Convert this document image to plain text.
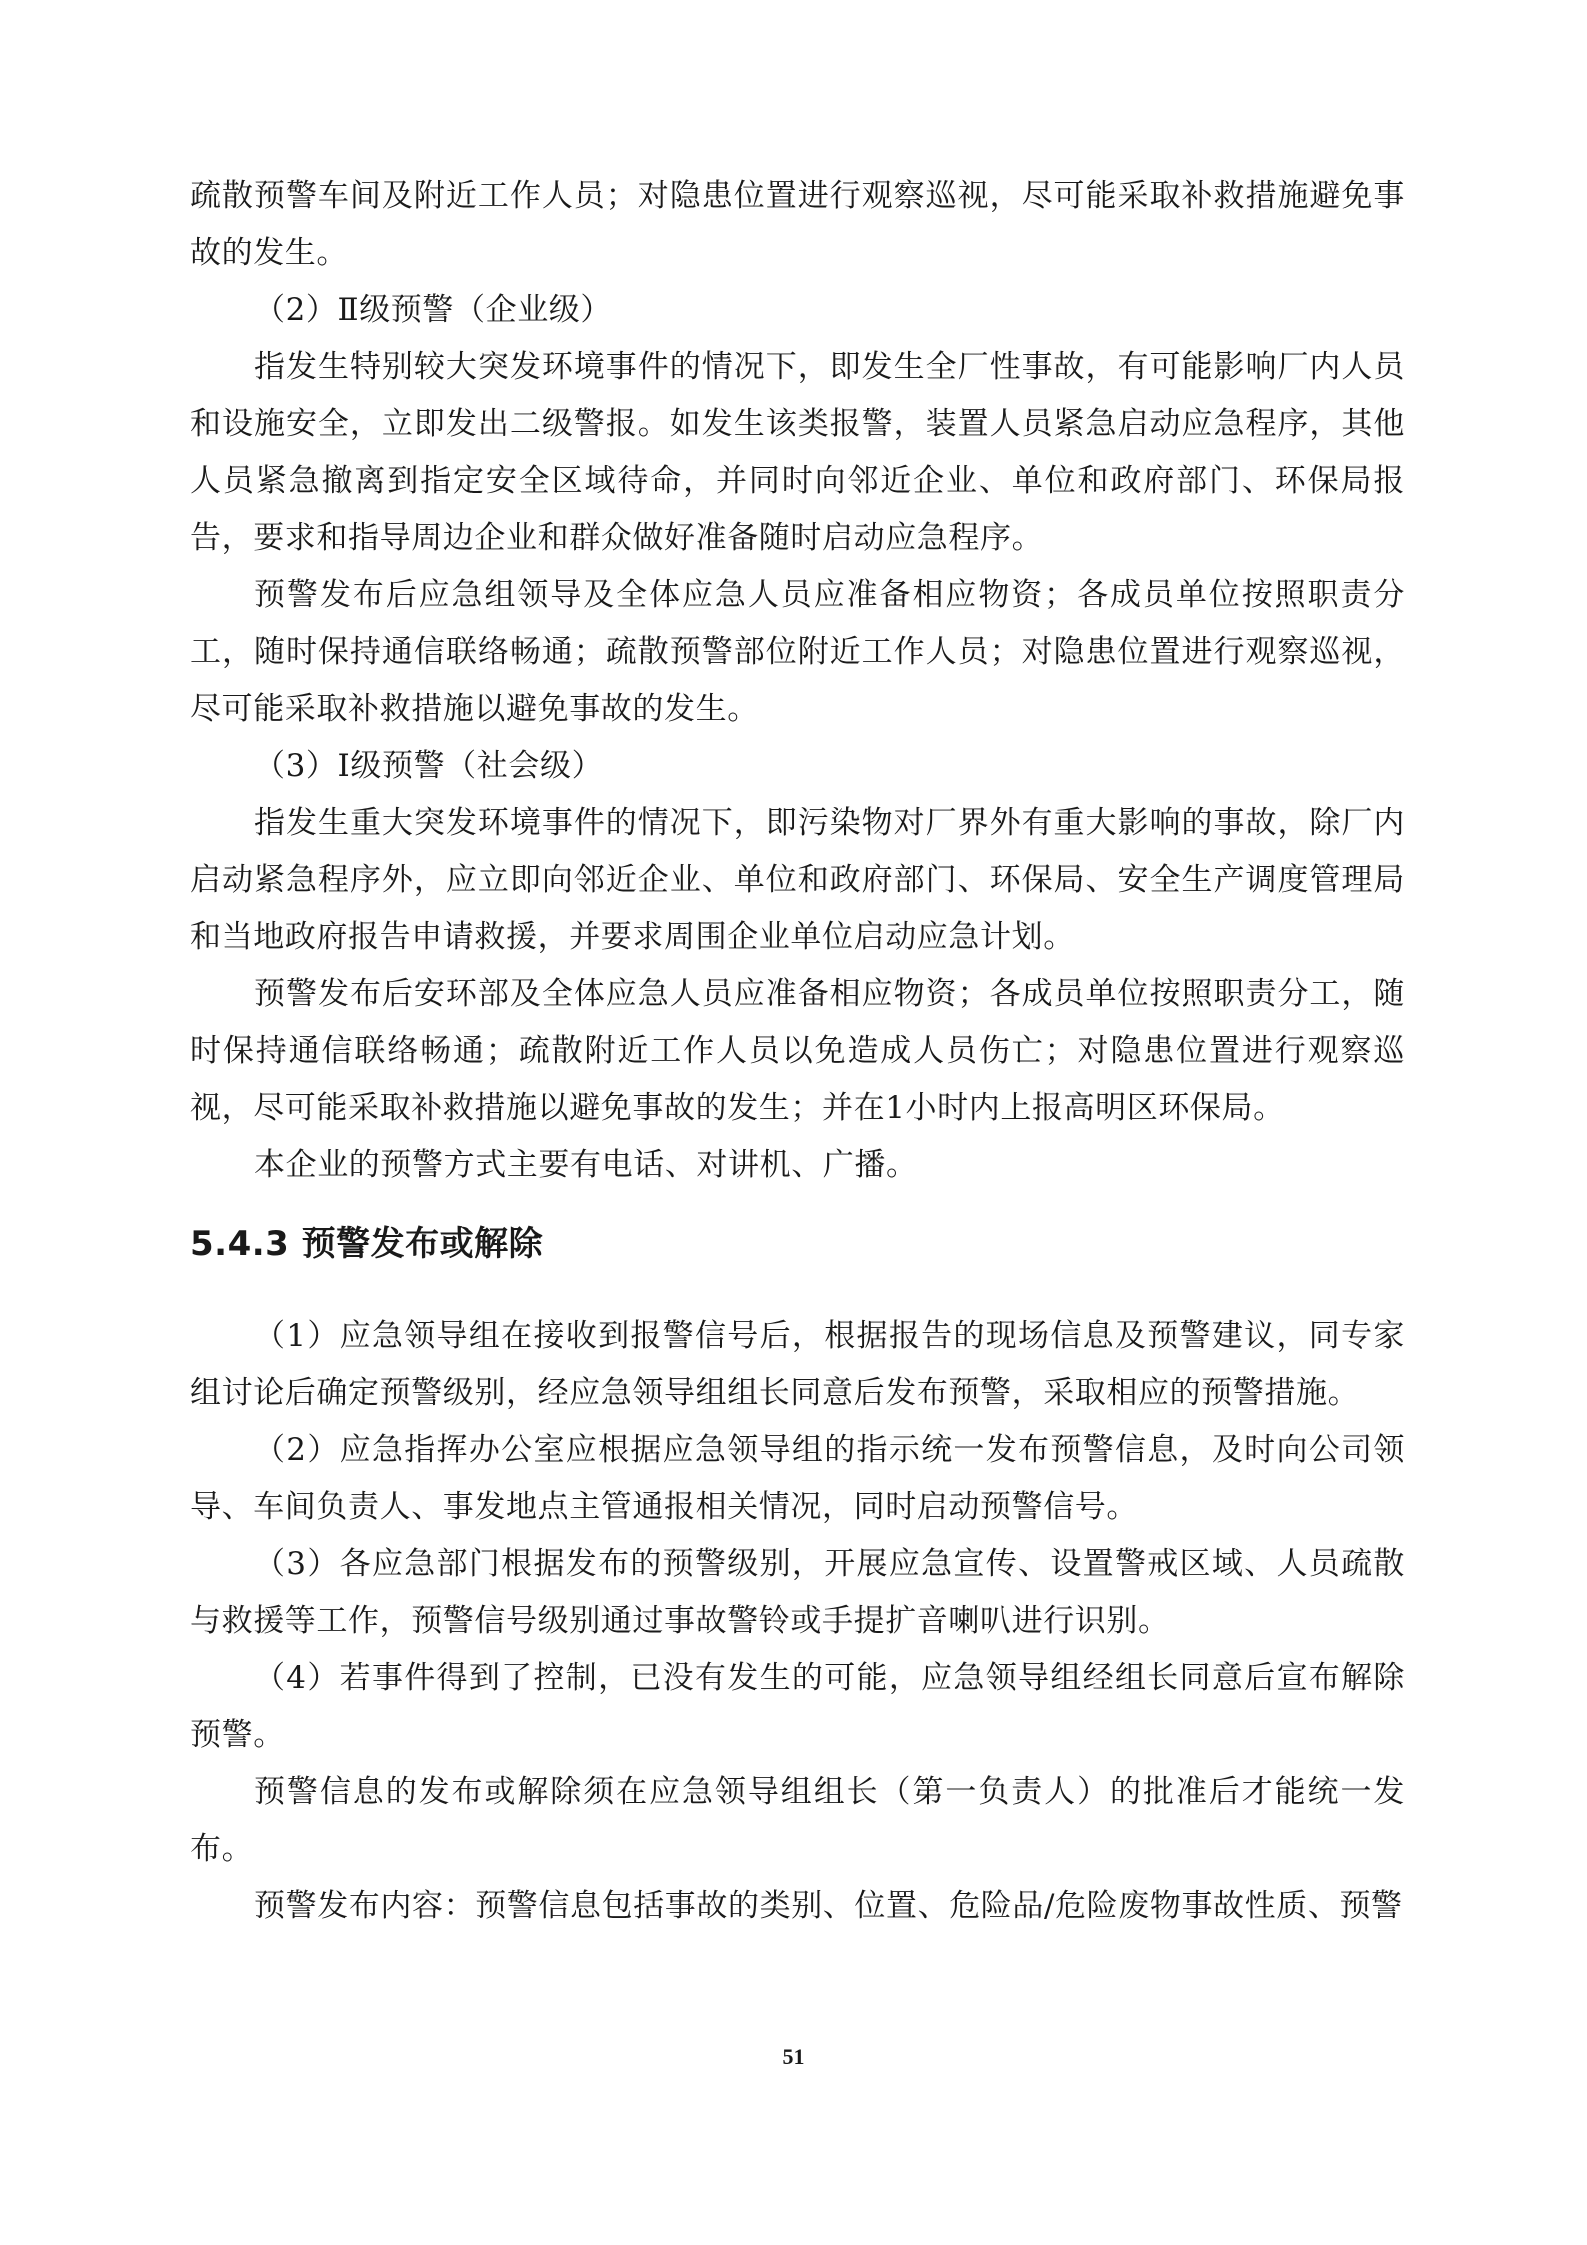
疏散预警车间及附近工作人员；对隐患位置进行观察巡视，尽可能采取补救措施避免事故的发生。

（2）Ⅱ级预警（企业级）

指发生特别较大突发环境事件的情况下，即发生全厂性事故，有可能影响厂内人员和设施安全，立即发出二级警报。如发生该类报警，装置人员紧急启动应急程序，其他人员紧急撤离到指定安全区域待命，并同时向邻近企业、单位和政府部门、环保局报告，要求和指导周边企业和群众做好准备随时启动应急程序。

预警发布后应急组领导及全体应急人员应准备相应物资；各成员单位按照职责分工，随时保持通信联络畅通；疏散预警部位附近工作人员；对隐患位置进行观察巡视，尽可能采取补救措施以避免事故的发生。

（3）Ⅰ级预警（社会级）

指发生重大突发环境事件的情况下，即污染物对厂界外有重大影响的事故，除厂内启动紧急程序外，应立即向邻近企业、单位和政府部门、环保局、安全生产调度管理局和当地政府报告申请救援，并要求周围企业单位启动应急计划。

预警发布后安环部及全体应急人员应准备相应物资；各成员单位按照职责分工，随时保持通信联络畅通；疏散附近工作人员以免造成人员伤亡；对隐患位置进行观察巡视，尽可能采取补救措施以避免事故的发生；并在1小时内上报高明区环保局。

本企业的预警方式主要有电话、对讲机、广播。

5.4.3 预警发布或解除

（1）应急领导组在接收到报警信号后，根据报告的现场信息及预警建议，同专家组讨论后确定预警级别，经应急领导组组长同意后发布预警，采取相应的预警措施。

（2）应急指挥办公室应根据应急领导组的指示统一发布预警信息，及时向公司领导、车间负责人、事发地点主管通报相关情况，同时启动预警信号。

（3）各应急部门根据发布的预警级别，开展应急宣传、设置警戒区域、人员疏散与救援等工作，预警信号级别通过事故警铃或手提扩音喇叭进行识别。

（4）若事件得到了控制，已没有发生的可能，应急领导组经组长同意后宣布解除预警。

预警信息的发布或解除须在应急领导组组长（第一负责人）的批准后才能统一发布。

预警发布内容：预警信息包括事故的类别、位置、危险品/危险废物事故性质、预警

51
